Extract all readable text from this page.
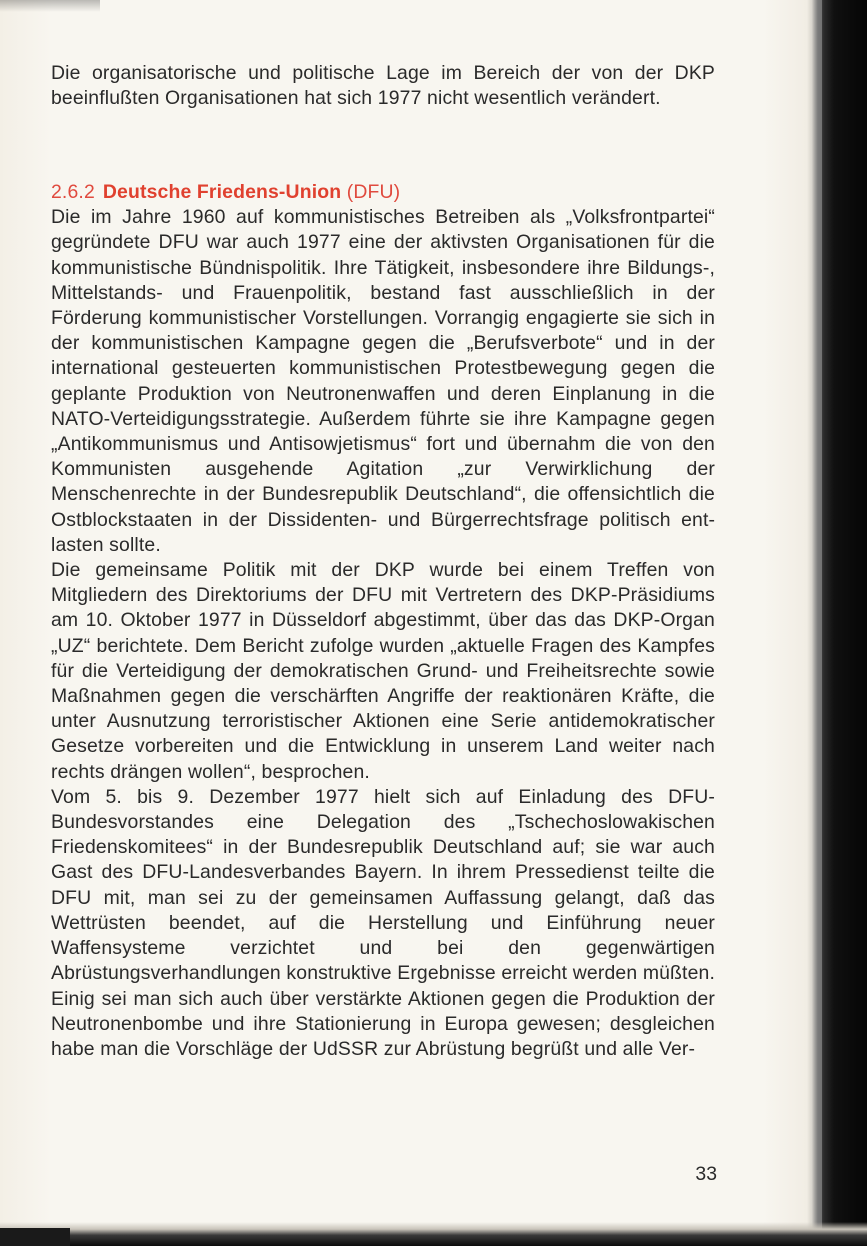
Die organisatorische und politische Lage im Bereich der von der DKP beeinflußten Organisationen hat sich 1977 nicht wesentlich verändert.

2.6.2 Deutsche Friedens-Union (DFU)

Die im Jahre 1960 auf kommunistisches Betreiben als „Volksfrontpartei“ gegründete DFU war auch 1977 eine der aktivsten Organisationen für die kommunistische Bündnispolitik. Ihre Tätigkeit, insbesondere ihre Bildungs-, Mittelstands- und Frauenpolitik, bestand fast ausschließlich in der Förderung kommunistischer Vorstellungen. Vorrangig engagierte sie sich in der kommunistischen Kampagne gegen die „Berufsverbote“ und in der international gesteuerten kommunistischen Protestbewegung gegen die geplante Produktion von Neutronenwaffen und deren Einplanung in die NATO-Verteidigungsstrategie. Außerdem führte sie ihre Kampagne gegen „Antikommunismus und Antisowjetismus“ fort und übernahm die von den Kommunisten ausgehende Agitation „zur Verwirklichung der Menschenrechte in der Bundesrepublik Deutschland“, die offensichtlich die Ostblockstaaten in der Dissidenten- und Bürgerrechtsfrage politisch entlasten sollte.

Die gemeinsame Politik mit der DKP wurde bei einem Treffen von Mitgliedern des Direktoriums der DFU mit Vertretern des DKP-Präsidiums am 10. Oktober 1977 in Düsseldorf abgestimmt, über das das DKP-Organ „UZ“ berichtete. Dem Bericht zufolge wurden „aktuelle Fragen des Kampfes für die Verteidigung der demokratischen Grund- und Freiheitsrechte sowie Maßnahmen gegen die verschärften Angriffe der reaktionären Kräfte, die unter Ausnutzung terroristischer Aktionen eine Serie antidemokratischer Gesetze vorbereiten und die Entwicklung in unserem Land weiter nach rechts drängen wollen“, besprochen.

Vom 5. bis 9. Dezember 1977 hielt sich auf Einladung des DFU-Bundesvorstandes eine Delegation des „Tschechoslowakischen Friedenskomitees“ in der Bundesrepublik Deutschland auf; sie war auch Gast des DFU-Landesverbandes Bayern. In ihrem Pressedienst teilte die DFU mit, man sei zu der gemeinsamen Auffassung gelangt, daß das Wettrüsten beendet, auf die Herstellung und Einführung neuer Waffensysteme verzichtet und bei den gegenwärtigen Abrüstungsverhandlungen konstruktive Ergebnisse erreicht werden müßten. Einig sei man sich auch über verstärkte Aktionen gegen die Produktion der Neutronenbombe und ihre Stationierung in Europa gewesen; desgleichen habe man die Vorschläge der UdSSR zur Abrüstung begrüßt und alle Ver-

33
